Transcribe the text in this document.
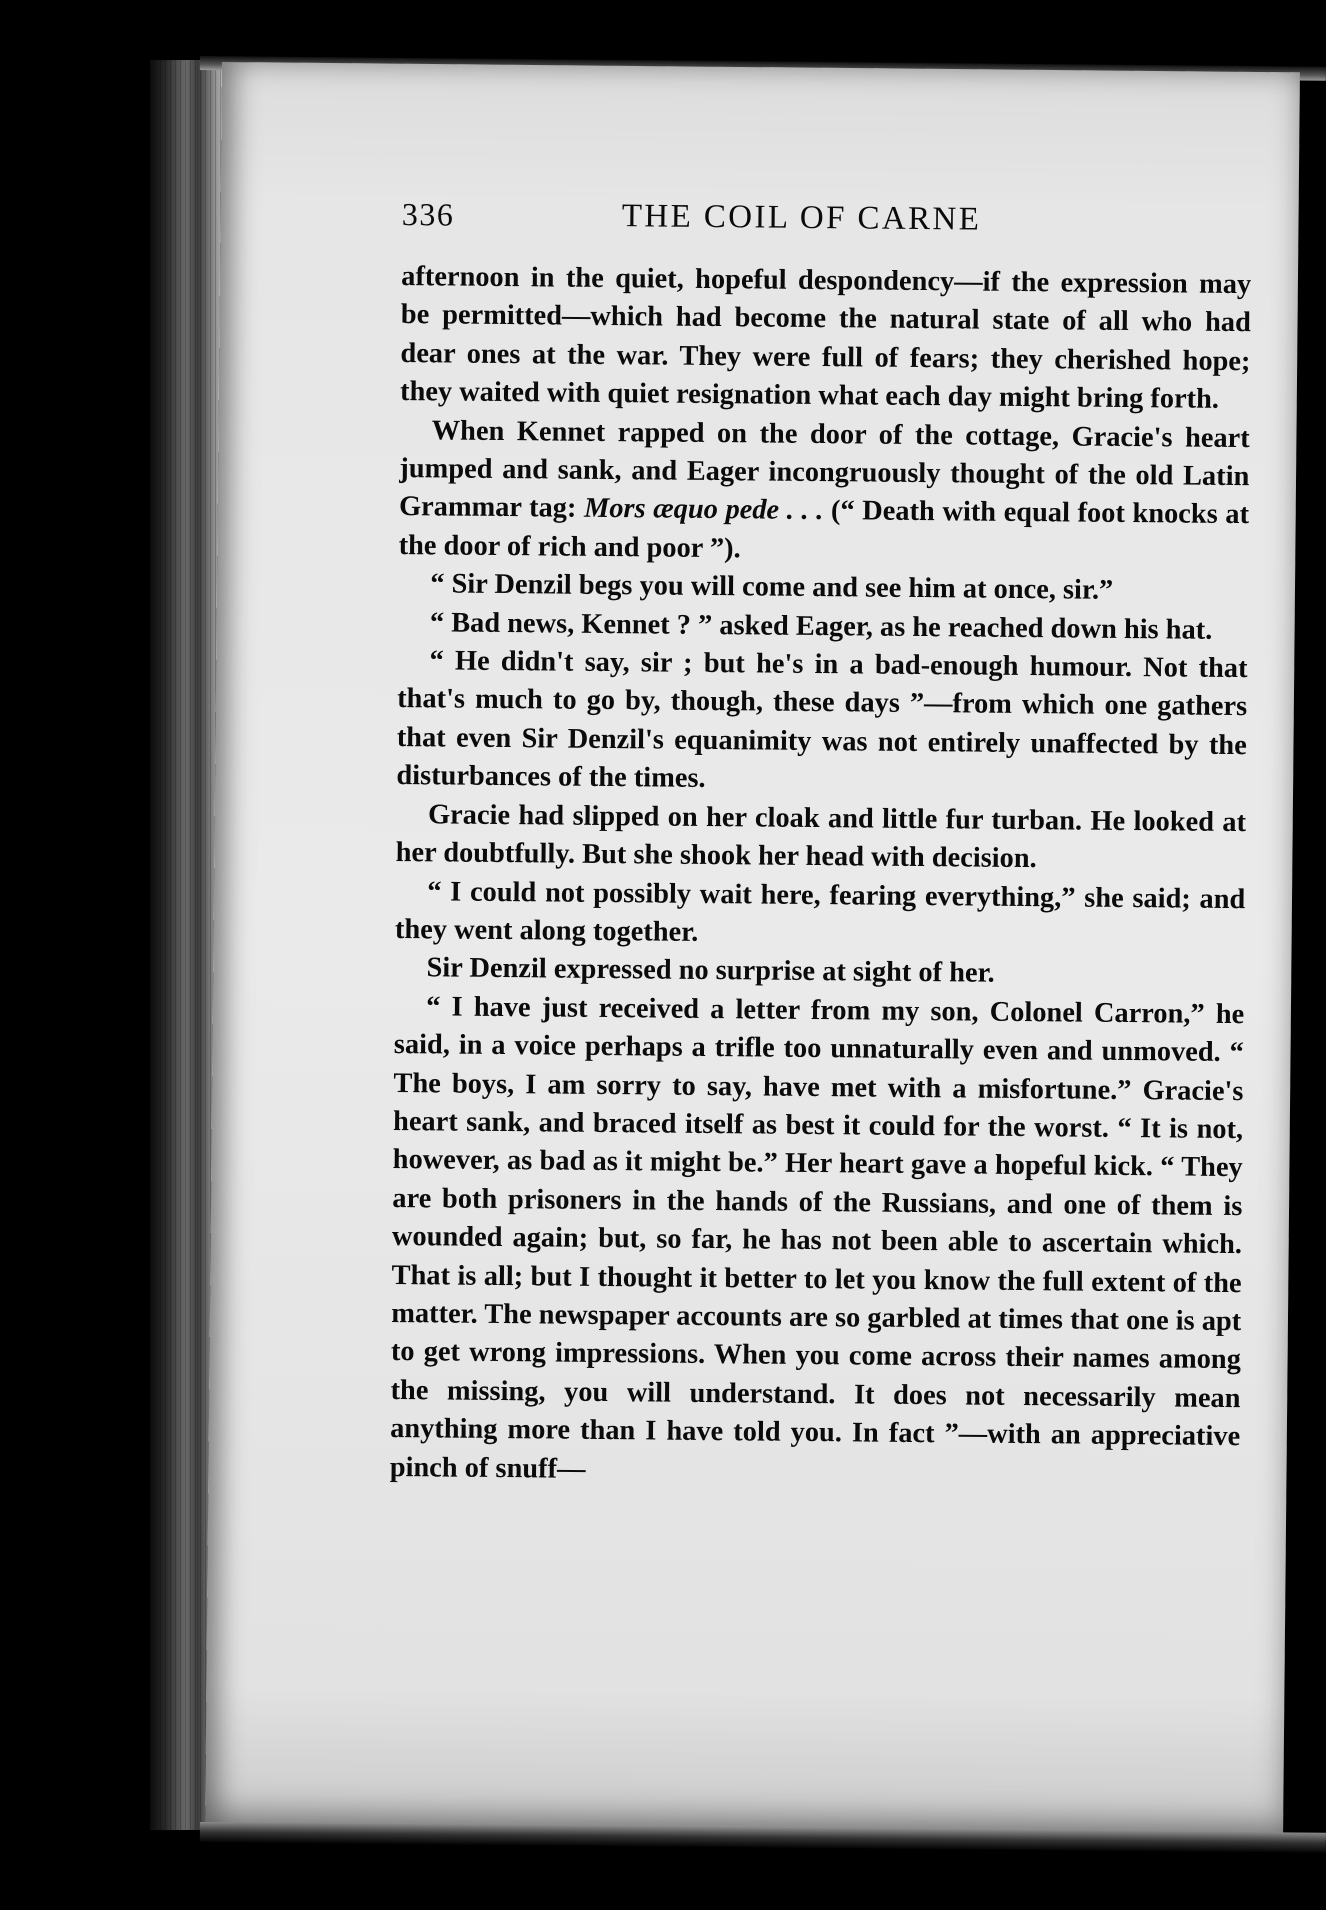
336	THE COIL OF CARNE

afternoon in the quiet, hopeful despondency—if the expression may be permitted—which had become the natural state of all who had dear ones at the war. They were full of fears; they cherished hope; they waited with quiet resignation what each day might bring forth.

When Kennet rapped on the door of the cottage, Gracie's heart jumped and sank, and Eager incongruously thought of the old Latin Grammar tag: Mors æquo pede . . . (“ Death with equal foot knocks at the door of rich and poor ”).

“ Sir Denzil begs you will come and see him at once, sir.”

“ Bad news, Kennet ? ” asked Eager, as he reached down his hat.

“ He didn't say, sir ; but he's in a bad-enough humour. Not that that's much to go by, though, these days ”—from which one gathers that even Sir Denzil's equanimity was not entirely unaffected by the disturbances of the times.

Gracie had slipped on her cloak and little fur turban. He looked at her doubtfully. But she shook her head with decision.

“ I could not possibly wait here, fearing everything,” she said; and they went along together.

Sir Denzil expressed no surprise at sight of her.

“ I have just received a letter from my son, Colonel Carron,” he said, in a voice perhaps a trifle too unnaturally even and unmoved. “ The boys, I am sorry to say, have met with a misfortune.” Gracie's heart sank, and braced itself as best it could for the worst. “ It is not, however, as bad as it might be.” Her heart gave a hopeful kick. “ They are both prisoners in the hands of the Russians, and one of them is wounded again; but, so far, he has not been able to ascertain which. That is all; but I thought it better to let you know the full extent of the matter. The newspaper accounts are so garbled at times that one is apt to get wrong impressions. When you come across their names among the missing, you will understand. It does not necessarily mean anything more than I have told you. In fact ”—with an appreciative pinch of snuff—
